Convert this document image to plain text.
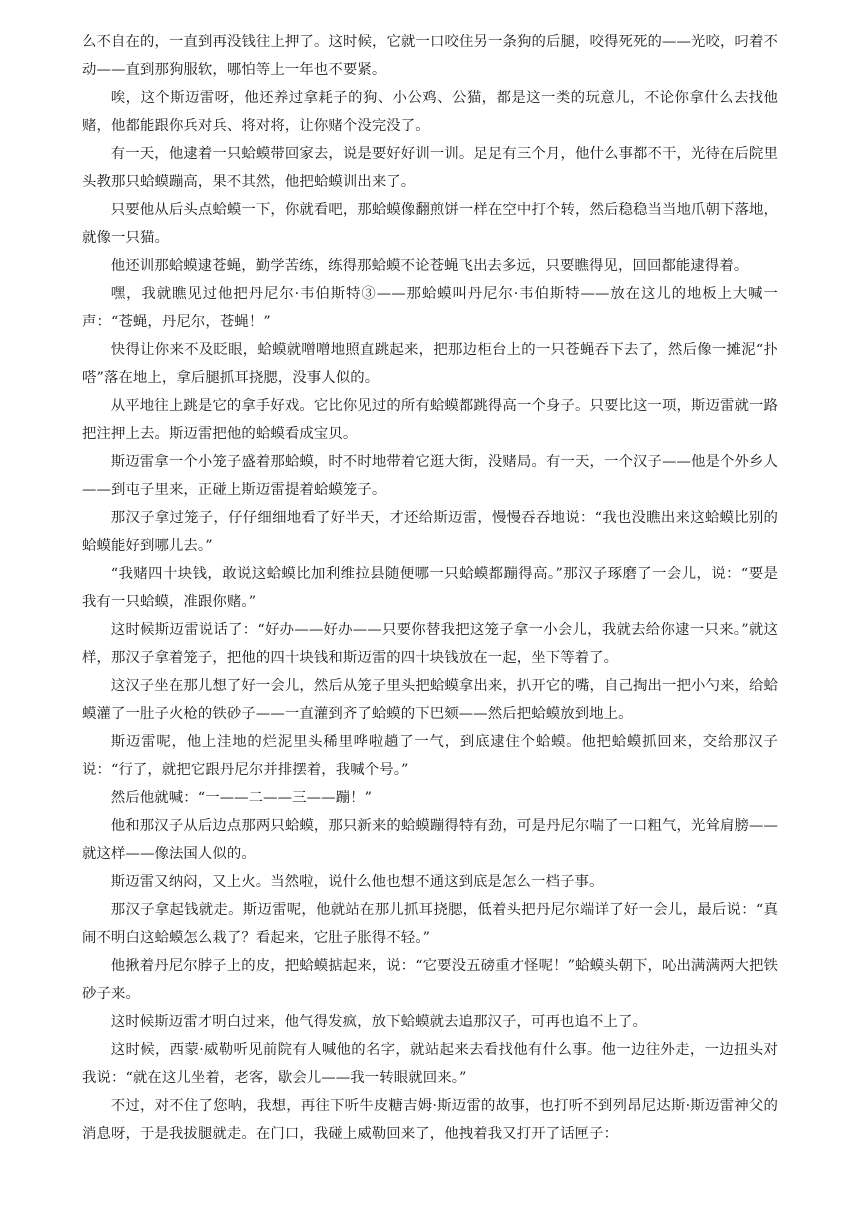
么不自在的，一直到再没钱往上押了。这时候，它就一口咬住另一条狗的后腿，咬得死死的——光咬，叼着不动——直到那狗服软，哪怕等上一年也不要紧。

唉，这个斯迈雷呀，他还养过拿耗子的狗、小公鸡、公猫，都是这一类的玩意儿，不论你拿什么去找他赌，他都能跟你兵对兵、将对将，让你赌个没完没了。

有一天，他逮着一只蛤蟆带回家去，说是要好好训一训。足足有三个月，他什么事都不干，光待在后院里头教那只蛤蟆蹦高，果不其然，他把蛤蟆训出来了。

只要他从后头点蛤蟆一下，你就看吧，那蛤蟆像翻煎饼一样在空中打个转，然后稳稳当当地爪朝下落地，就像一只猫。

他还训那蛤蟆逮苍蝇，勤学苦练，练得那蛤蟆不论苍蝇飞出去多远，只要瞧得见，回回都能逮得着。

嘿，我就瞧见过他把丹尼尔·韦伯斯特③——那蛤蟆叫丹尼尔·韦伯斯特——放在这儿的地板上大喊一声：“苍蝇，丹尼尔，苍蝇！”

快得让你来不及眨眼，蛤蟆就噌噌地照直跳起来，把那边柜台上的一只苍蝇吞下去了，然后像一摊泥“扑嗒”落在地上，拿后腿抓耳挠腮，没事人似的。

从平地往上跳是它的拿手好戏。它比你见过的所有蛤蟆都跳得高一个身子。只要比这一项，斯迈雷就一路把注押上去。斯迈雷把他的蛤蟆看成宝贝。

斯迈雷拿一个小笼子盛着那蛤蟆，时不时地带着它逛大街，没赌局。有一天，一个汉子——他是个外乡人——到屯子里来，正碰上斯迈雷提着蛤蟆笼子。

那汉子拿过笼子，仔仔细细地看了好半天，才还给斯迈雷，慢慢吞吞地说：“我也没瞧出来这蛤蟆比别的蛤蟆能好到哪儿去。”

“我赌四十块钱，敢说这蛤蟆比加利维拉县随便哪一只蛤蟆都蹦得高。”那汉子琢磨了一会儿，说：“要是我有一只蛤蟆，准跟你赌。”

这时候斯迈雷说话了：“好办——好办——只要你替我把这笼子拿一小会儿，我就去给你逮一只来。”就这样，那汉子拿着笼子，把他的四十块钱和斯迈雷的四十块钱放在一起，坐下等着了。

这汉子坐在那儿想了好一会儿，然后从笼子里头把蛤蟆拿出来，扒开它的嘴，自己掏出一把小勺来，给蛤蟆灌了一肚子火枪的铁砂子——一直灌到齐了蛤蟆的下巴颏——然后把蛤蟆放到地上。

斯迈雷呢，他上洼地的烂泥里头稀里哗啦趟了一气，到底逮住个蛤蟆。他把蛤蟆抓回来，交给那汉子说：“行了，就把它跟丹尼尔并排摆着，我喊个号。”

然后他就喊：“一——二——三——蹦！”

他和那汉子从后边点那两只蛤蟆，那只新来的蛤蟆蹦得特有劲，可是丹尼尔喘了一口粗气，光耸肩膀——就这样——像法国人似的。

斯迈雷又纳闷，又上火。当然啦，说什么他也想不通这到底是怎么一档子事。

那汉子拿起钱就走。斯迈雷呢，他就站在那儿抓耳挠腮，低着头把丹尼尔端详了好一会儿，最后说：“真闹不明白这蛤蟆怎么栽了？看起来，它肚子胀得不轻。”

他揪着丹尼尔脖子上的皮，把蛤蟆掂起来，说：“它要没五磅重才怪呢！”蛤蟆头朝下，吣出满满两大把铁砂子来。

这时候斯迈雷才明白过来，他气得发疯，放下蛤蟆就去追那汉子，可再也追不上了。

这时候，西蒙·威勒听见前院有人喊他的名字，就站起来去看找他有什么事。他一边往外走，一边扭头对我说：“就在这儿坐着，老客，歇会儿——我一转眼就回来。”

不过，对不住了您呐，我想，再往下听牛皮糖吉姆·斯迈雷的故事，也打听不到列昂尼达斯·斯迈雷神父的消息呀，于是我拔腿就走。在门口，我碰上威勒回来了，他拽着我又打开了话匣子：
